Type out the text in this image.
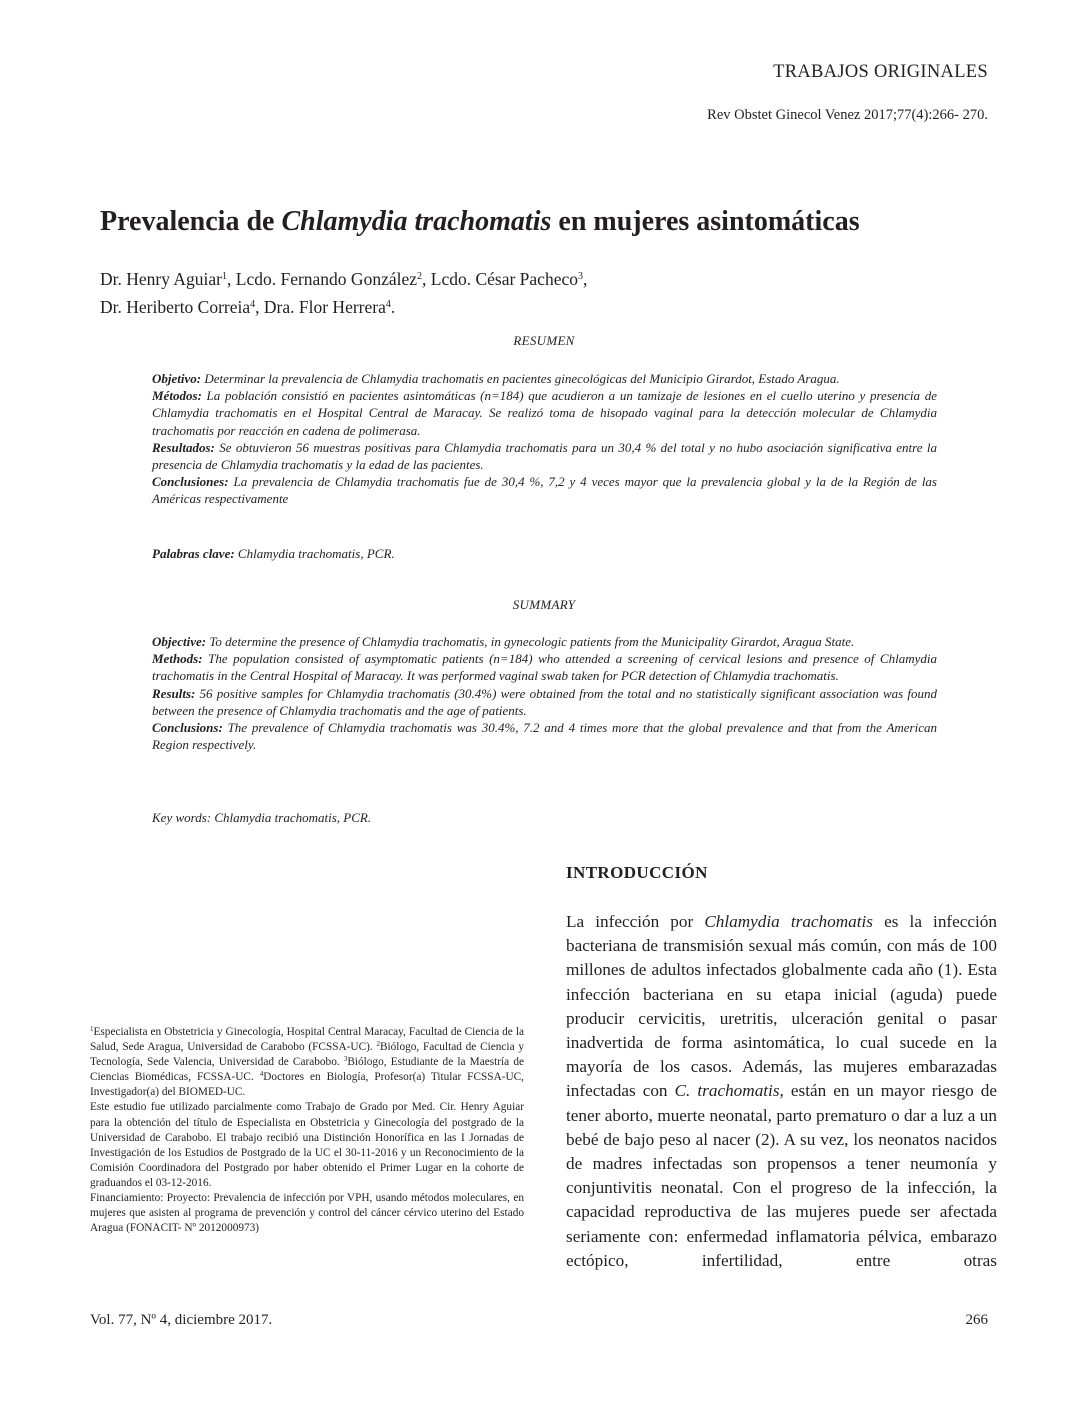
TRABAJOS ORIGINALES
Rev Obstet Ginecol Venez 2017;77(4):266- 270.
Prevalencia de Chlamydia trachomatis en mujeres asintomáticas
Dr. Henry Aguiar$^1$, Lcdo. Fernando González$^2$, Lcdo. César Pacheco$^3$,
Dr. Heriberto Correia$^4$, Dra. Flor Herrera$^4$.
RESUMEN

Objetivo: Determinar la prevalencia de Chlamydia trachomatis en pacientes ginecológicas del Municipio Girardot, Estado Aragua.

Métodos: La población consistió en pacientes asintomáticas (n=184) que acudieron a un tamizaje de lesiones en el cuello uterino y presencia de Chlamydia trachomatis en el Hospital Central de Maracay. Se realizó toma de hisopado vaginal para la detección molecular de Chlamydia trachomatis por reacción en cadena de polimerasa.

Resultados: Se obtuvieron 56 muestras positivas para Chlamydia trachomatis para un 30,4 % del total y no hubo asociación significativa entre la presencia de Chlamydia trachomatis y la edad de las pacientes.

Conclusiones: La prevalencia de Chlamydia trachomatis fue de 30,4 %, 7,2 y 4 veces mayor que la prevalencia global y la de la Región de las Américas respectivamente

Palabras clave: Chlamydia trachomatis, PCR.
SUMMARY

Objective: To determine the presence of Chlamydia trachomatis, in gynecologic patients from the Municipality Girardot, Aragua State.

Methods: The population consisted of asymptomatic patients (n=184) who attended a screening of cervical lesions and presence of Chlamydia trachomatis in the Central Hospital of Maracay. It was performed vaginal swab taken for PCR detection of Chlamydia trachomatis.

Results: 56 positive samples for Chlamydia trachomatis (30.4%) were obtained from the total and no statistically significant association was found between the presence of Chlamydia trachomatis and the age of patients.

Conclusions: The prevalence of Chlamydia trachomatis was 30.4%, 7.2 and 4 times more that the global prevalence and that from the American Region respectively.

Key words: Chlamydia trachomatis, PCR.
INTRODUCCIÓN
La infección por Chlamydia trachomatis es la infección bacteriana de transmisión sexual más común, con más de 100 millones de adultos infectados globalmente cada año (1). Esta infección bacteriana en su etapa inicial (aguda) puede producir cervicitis, uretritis, ulceración genital o pasar inadvertida de forma asintomática, lo cual sucede en la mayoría de los casos. Además, las mujeres embarazadas infectadas con C. trachomatis, están en un mayor riesgo de tener aborto, muerte neonatal, parto prematuro o dar a luz a un bebé de bajo peso al nacer (2). A su vez, los neonatos nacidos de madres infectadas son propensos a tener neumonía y conjuntivitis neonatal. Con el progreso de la infección, la capacidad reproductiva de las mujeres puede ser afectada seriamente con: enfermedad inflamatoria pélvica, embarazo ectópico, infertilidad, entre otras

$^1$Especialista en Obstetricia y Ginecología, Hospital Central Maracay, Facultad de Ciencia de la Salud, Sede Aragua, Universidad de Carabobo (FCSSA-UC). $^2$Biólogo, Facultad de Ciencia y Tecnología, Sede Valencia, Universidad de Carabobo. $^3$Biólogo, Estudiante de la Maestría de Ciencias Biomédicas, FCSSA-UC. $^4$Doctores en Biología, Profesor(a) Titular FCSSA-UC, Investigador(a) del BIOMED-UC.

Este estudio fue utilizado parcialmente como Trabajo de Grado por Med. Cir. Henry Aguiar para la obtención del título de Especialista en Obstetricia y Ginecología del postgrado de la Universidad de Carabobo. El trabajo recibió una Distinción Honorífica en las I Jornadas de Investigación de los Estudios de Postgrado de la UC el 30-11-2016 y un Reconocimiento de la Comisión Coordinadora del Postgrado por haber obtenido el Primer Lugar en la cohorte de graduandos el 03-12-2016.

Financiamiento: Proyecto: Prevalencia de infección por VPH, usando métodos moleculares, en mujeres que asisten al programa de prevención y control del cáncer cérvico uterino del Estado Aragua (FONACIT- Nº 2012000973)

Vol. 77, Nº 4, diciembre 2017.	266
